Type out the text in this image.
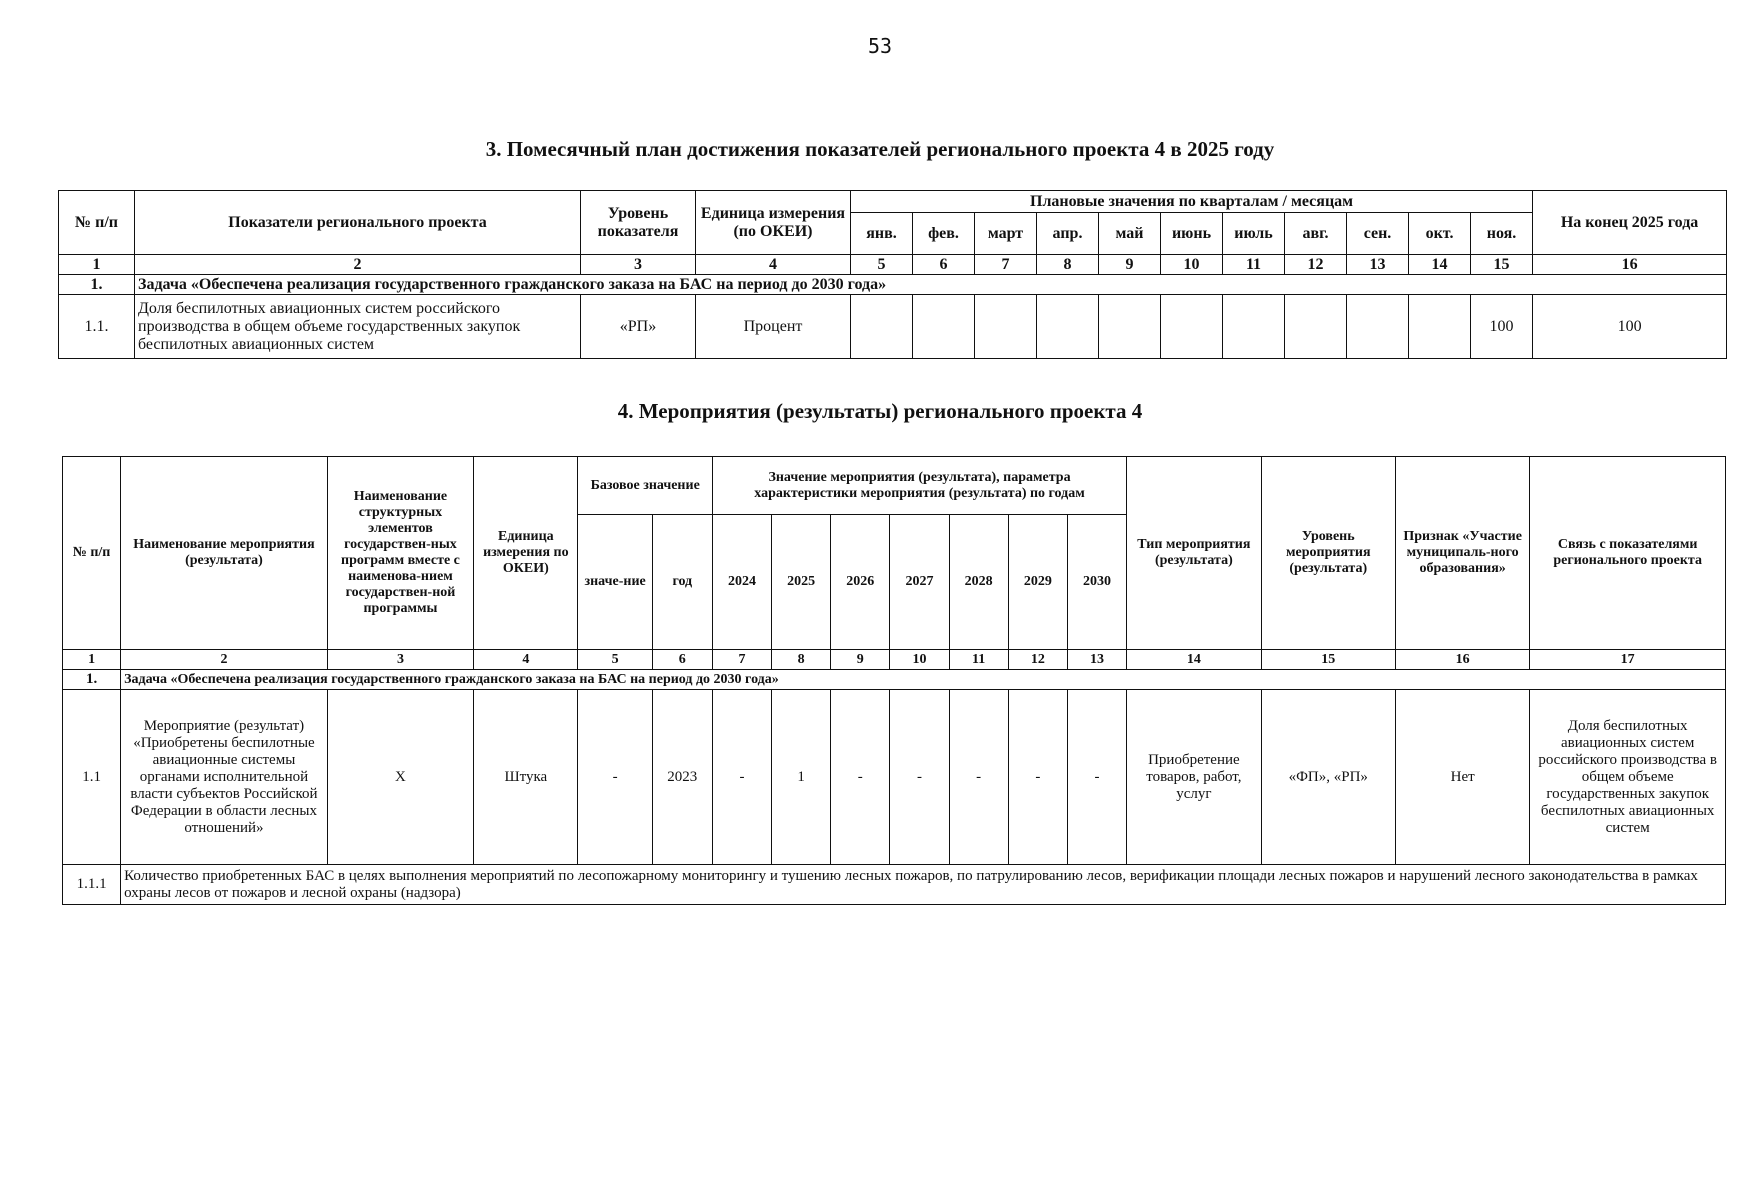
53
3. Помесячный план достижения показателей регионального проекта 4 в 2025 году
№ п/п	Показатели регионального проекта	Уровень показателя	Единица измерения (по ОКЕИ)	Плановые значения по кварталам / месяцам											На конец 2025 года
				янв.	фев.	март	апр.	май	июнь	июль	авг.	сен.	окт.	ноя.	
1	2	3	4	5	6	7	8	9	10	11	12	13	14	15	16
1.	Задача «Обеспечена реализация государственного гражданского заказа на БАС на период до 2030 года»														
1.1.	Доля беспилотных авиационных систем российского производства в общем объеме государственных закупок беспилотных авиационных систем	«РП»	Процент											100	100
4. Мероприятия (результаты) регионального проекта 4
№ п/п	Наименование мероприятия (результата)	Наименование структурных элементов государствен-ных программ вместе с наименова-нием государствен-ной программы	Единица измерения по ОКЕИ)	Базовое значение		Значение мероприятия (результата), параметра характеристики мероприятия (результата) по годам							Тип мероприятия (результата)	Уровень мероприятия (результата)	Признак «Участие муниципаль-ного образования»	Связь с показателями регионального проекта
				значе-ние	год	2024	2025	2026	2027	2028	2029	2030				
1	2	3	4	5	6	7	8	9	10	11	12	13	14	15	16	17
1.	Задача «Обеспечена реализация государственного гражданского заказа на БАС на период до 2030 года»															
1.1	Мероприятие (результат) «Приобретены беспилотные авиационные системы органами исполнительной власти субъектов Российской Федерации в области лесных отношений»	Х	Штука	-	2023	-	1	-	-	-	-	-	Приобретение товаров, работ, услуг	«ФП», «РП»	Нет	Доля беспилотных авиационных систем российского производства в общем объеме государственных закупок беспилотных авиационных систем
1.1.1	Количество приобретенных БАС в целях выполнения мероприятий по лесопожарному мониторингу и тушению лесных пожаров, по патрулированию лесов, верификации площади лесных пожаров и нарушений лесного законодательства в рамках охраны лесов от пожаров и лесной охраны (надзора)															
